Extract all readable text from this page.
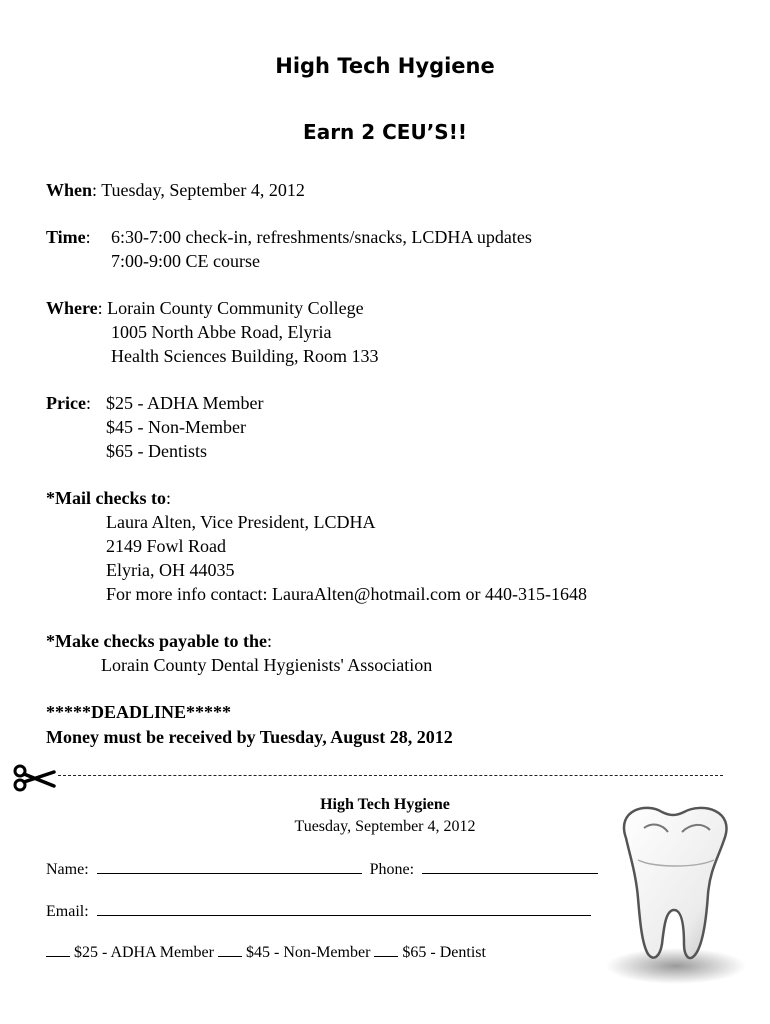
High Tech Hygiene
Earn 2 CEU’S!!
When: Tuesday, September 4, 2012
Time: 6:30-7:00 check-in, refreshments/snacks, LCDHA updates
7:00-9:00 CE course
Where: Lorain County Community College
1005 North Abbe Road, Elyria
Health Sciences Building, Room 133
Price: $25 - ADHA Member
$45 - Non-Member
$65 - Dentists
*Mail checks to:
Laura Alten, Vice President, LCDHA
2149 Fowl Road
Elyria, OH 44035
For more info contact: LauraAlten@hotmail.com or 440-315-1648
*Make checks payable to the:
Lorain County Dental Hygienists' Association
*****DEADLINE*****
Money must be received by Tuesday, August 28, 2012
High Tech Hygiene
Tuesday, September 4, 2012
Name:	Phone:
Email:
$25 - ADHA Member $45 - Non-Member $65 - Dentist
